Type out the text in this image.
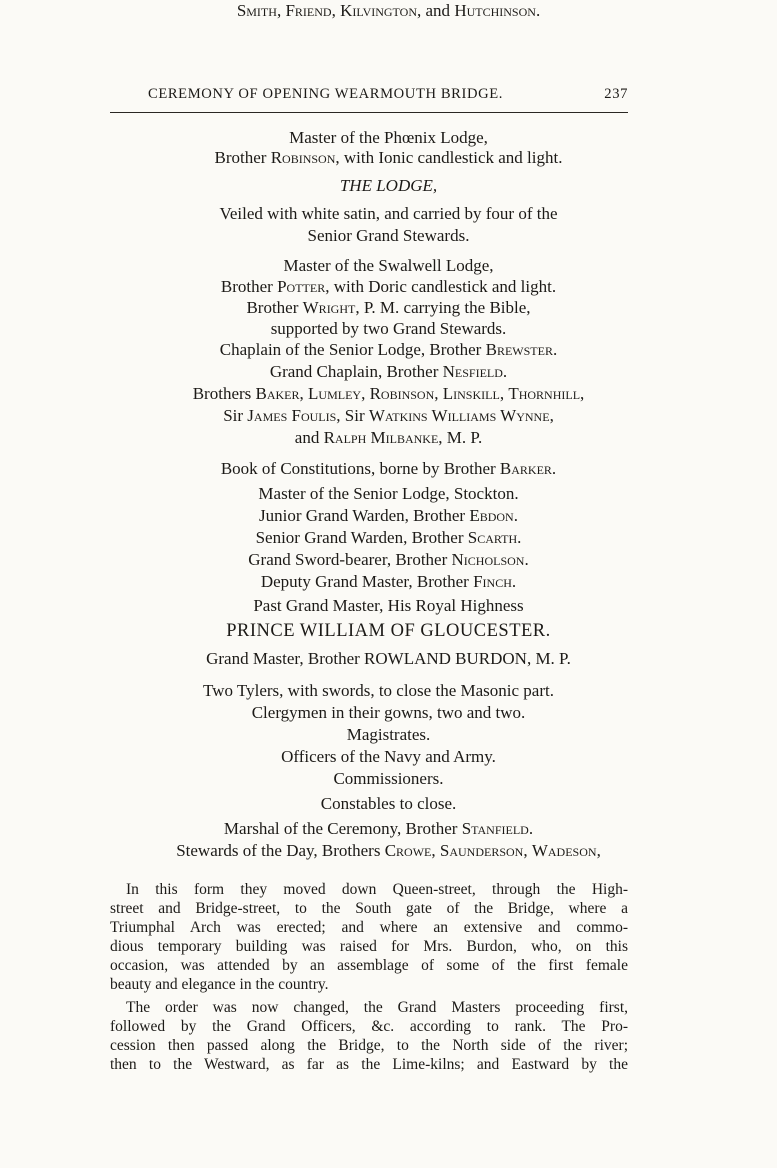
CEREMONY OF OPENING WEARMOUTH BRIDGE.	237
Master of the Phœnix Lodge,
Brother Robinson, with Ionic candlestick and light.
THE LODGE,
Veiled with white satin, and carried by four of the
Senior Grand Stewards.
Master of the Swalwell Lodge,
Brother Potter, with Doric candlestick and light.
Brother Wright, P. M. carrying the Bible,
supported by two Grand Stewards.
Chaplain of the Senior Lodge, Brother Brewster.
Grand Chaplain, Brother Nesfield.
Brothers Baker, Lumley, Robinson, Linskill, Thornhill,
Sir James Foulis, Sir Watkins Williams Wynne,
and Ralph Milbanke, M. P.
Book of Constitutions, borne by Brother Barker.
Master of the Senior Lodge, Stockton.
Junior Grand Warden, Brother Ebdon.
Senior Grand Warden, Brother Scarth.
Grand Sword-bearer, Brother Nicholson.
Deputy Grand Master, Brother Finch.
Past Grand Master, His Royal Highness
PRINCE WILLIAM OF GLOUCESTER.
Grand Master, Brother ROWLAND BURDON, M. P.
Two Tylers, with swords, to close the Masonic part.
Clergymen in their gowns, two and two.
Magistrates.
Officers of the Navy and Army.
Commissioners.
Constables to close.
Marshal of the Ceremony, Brother Stanfield.
Stewards of the Day, Brothers Crowe, Saunderson, Wadeson,
Smith, Friend, Kilvington, and Hutchinson.
In this form they moved down Queen-street, through the High-
street and Bridge-street, to the South gate of the Bridge, where a
Triumphal Arch was erected; and where an extensive and commo-
dious temporary building was raised for Mrs. Burdon, who, on this
occasion, was attended by an assemblage of some of the first female
beauty and elegance in the country.
The order was now changed, the Grand Masters proceeding first,
followed by the Grand Officers, &c. according to rank. The Pro-
cession then passed along the Bridge, to the North side of the river;
then to the Westward, as far as the Lime-kilns; and Eastward by the
